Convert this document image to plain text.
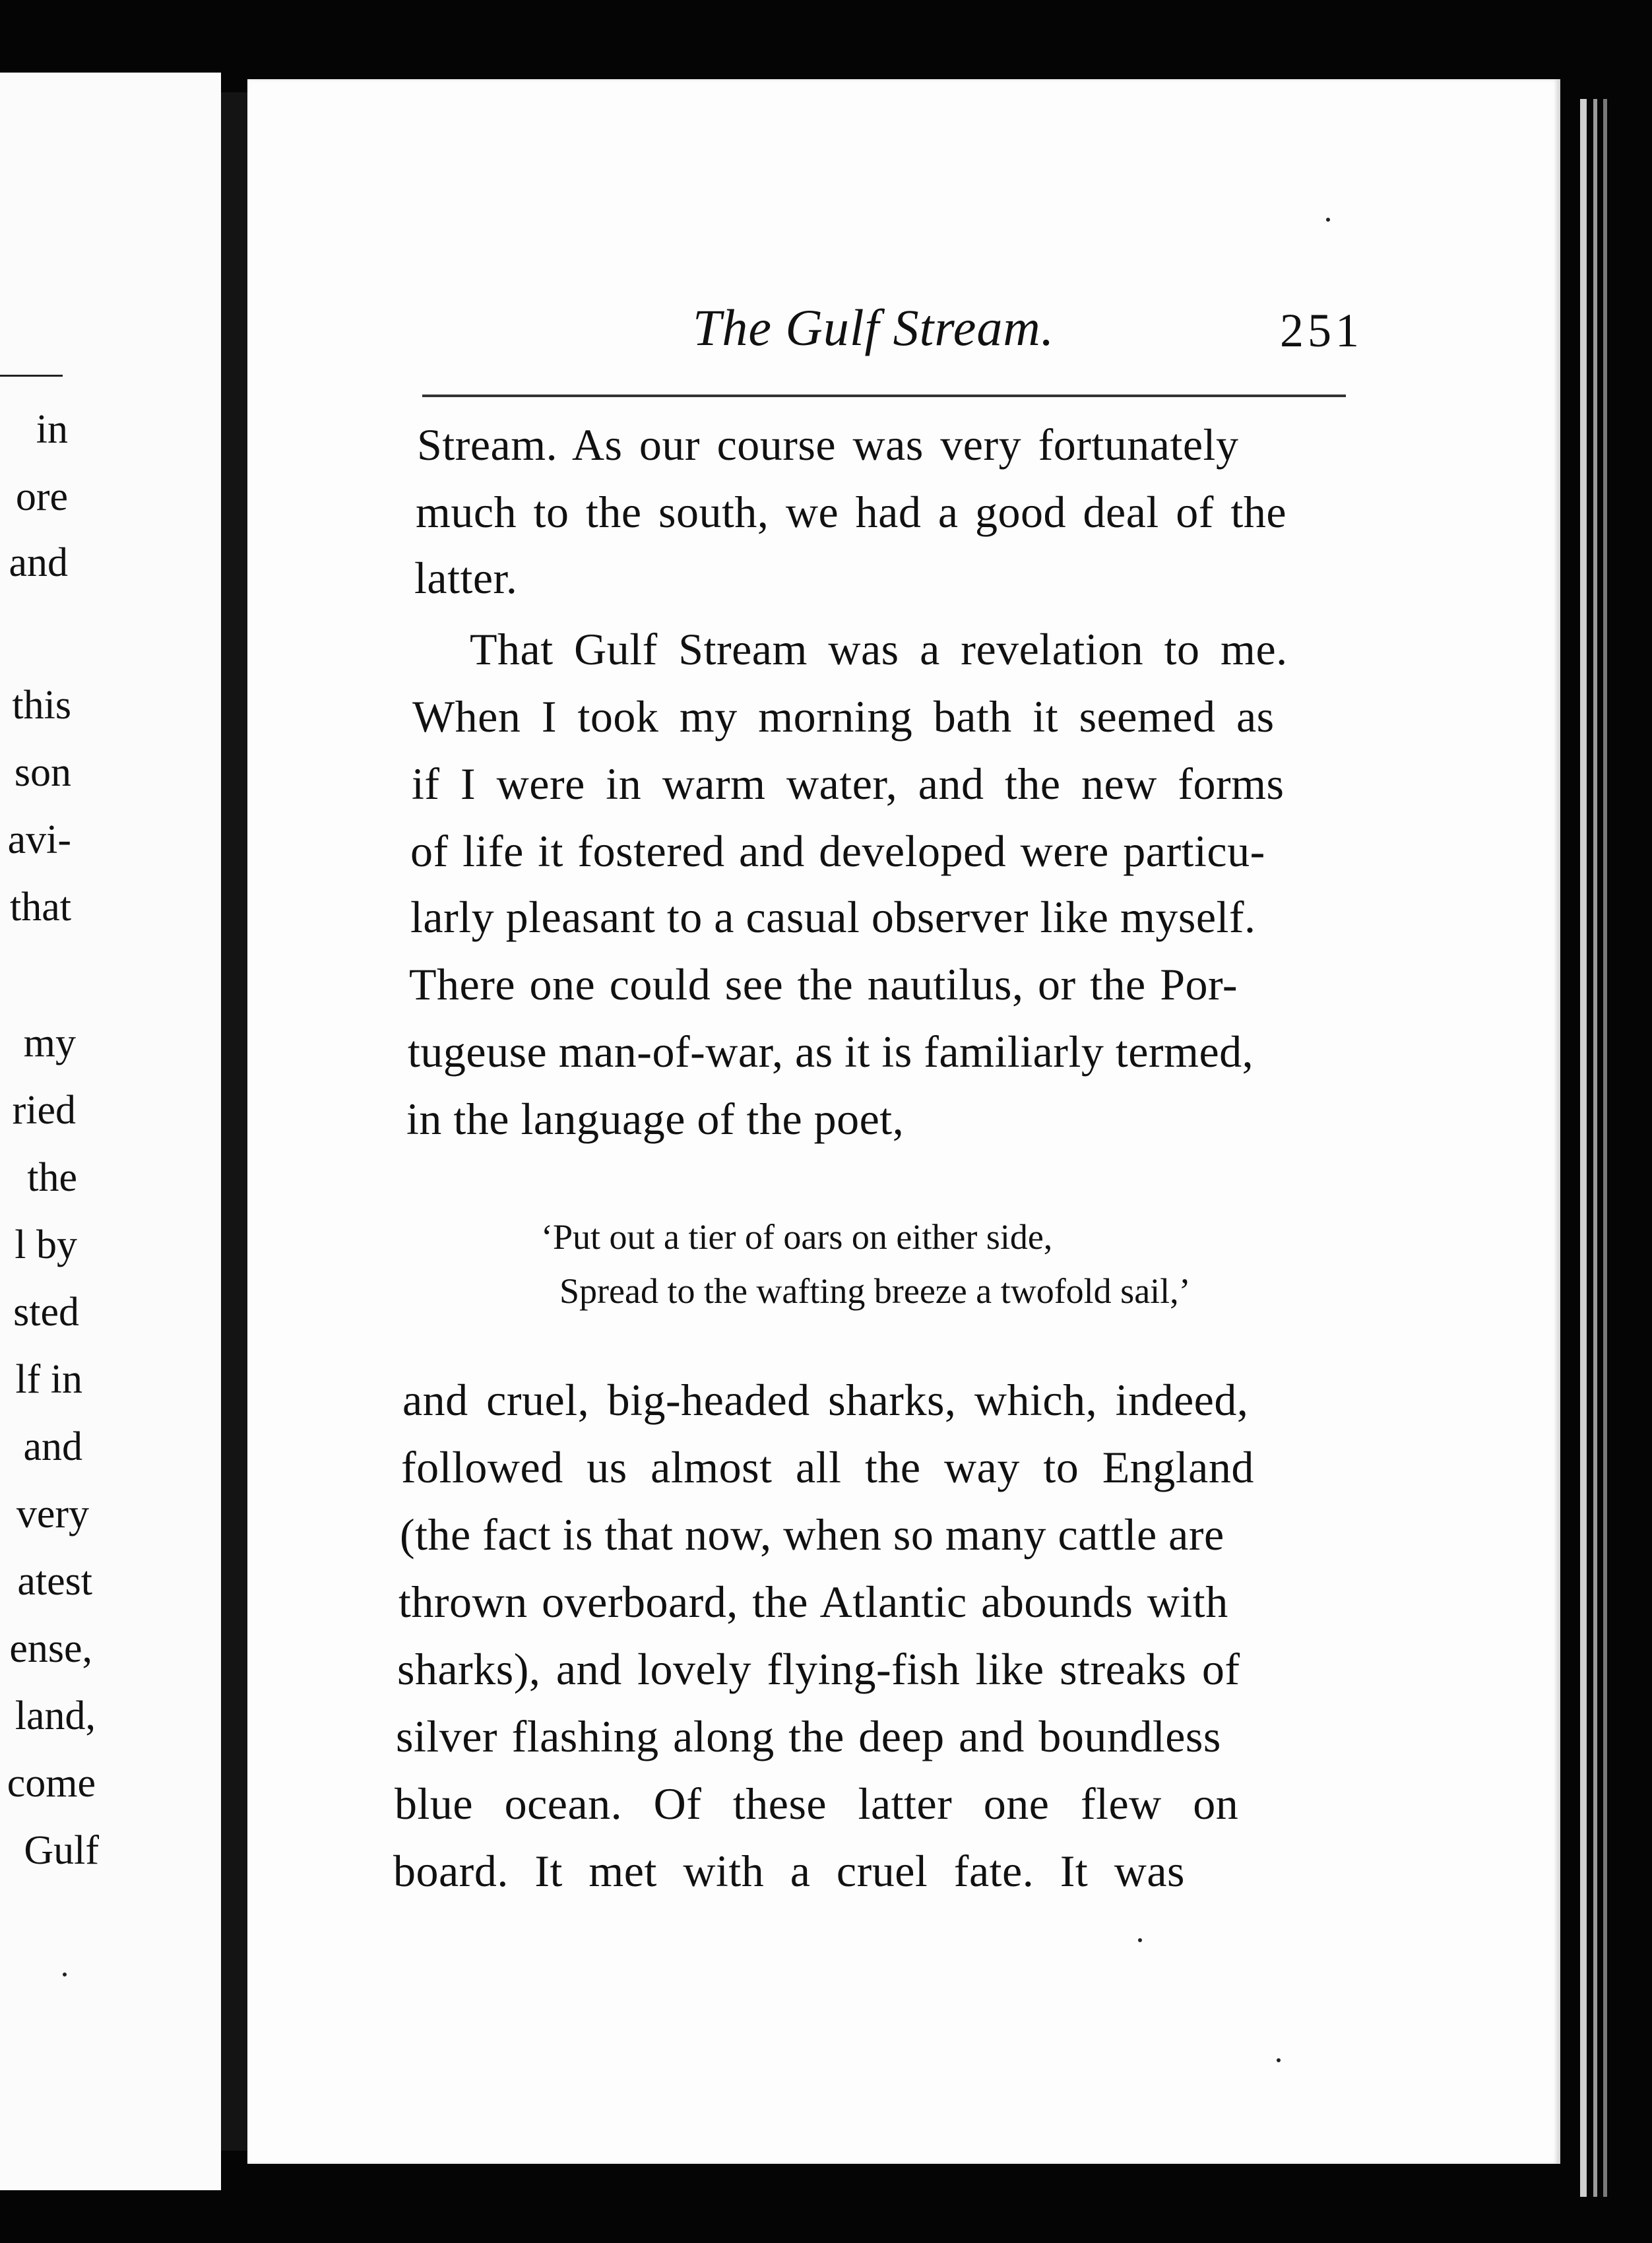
in
ore
and
this
son
avi-
that
my
ried
the
l by
sted
lf in
and
very
atest
ense,
land,
come
Gulf
The Gulf Stream.	251
Stream. As our course was very fortunately
much to the south, we had a good deal of the
latter.
That Gulf Stream was a revelation to me.
When I took my morning bath it seemed as
if I were in warm water, and the new forms
of life it fostered and developed were particu-
larly pleasant to a casual observer like myself.
There one could see the nautilus, or the Por-
tugeuse man-of-war, as it is familiarly termed,
in the language of the poet,
‘Put out a tier of oars on either side,
Spread to the wafting breeze a twofold sail,’
and cruel, big-headed sharks, which, indeed,
followed us almost all the way to England
(the fact is that now, when so many cattle are
thrown overboard, the Atlantic abounds with
sharks), and lovely flying-fish like streaks of
silver flashing along the deep and boundless
blue ocean. Of these latter one flew on
board. It met with a cruel fate. It was
